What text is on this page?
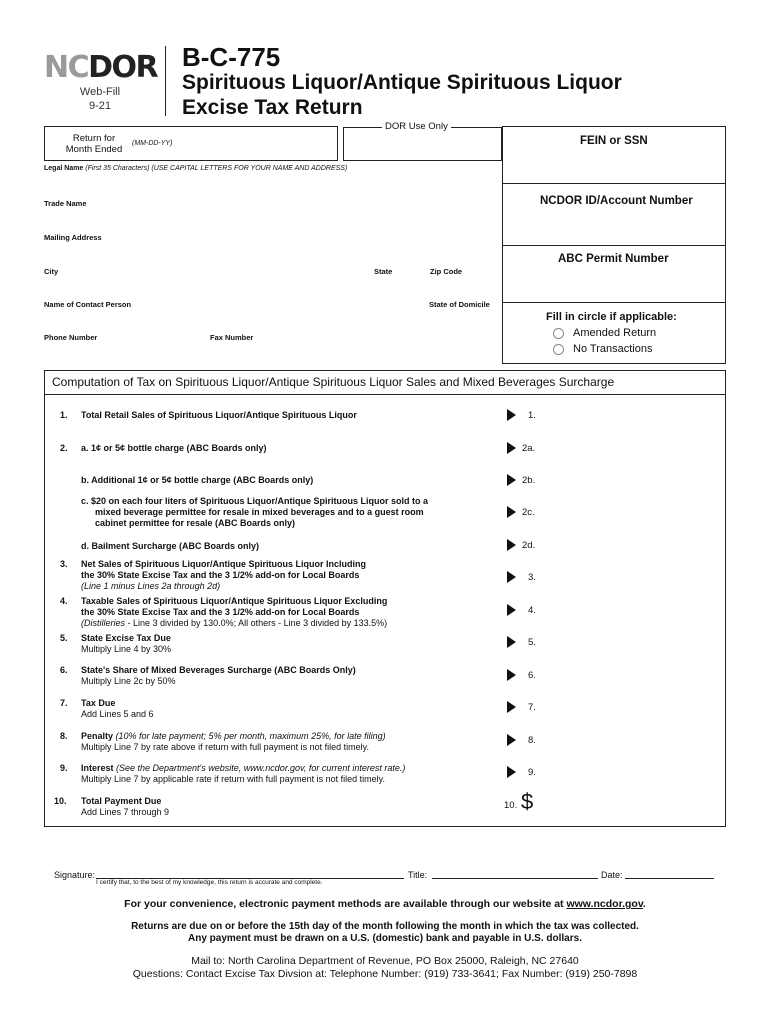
NCDOR
Web-Fill
9-21
B-C-775
Spirituous Liquor/Antique Spirituous Liquor
Excise Tax Return
Return for
Month Ended
(MM-DD-YY)
DOR Use Only
FEIN or SSN
NCDOR ID/Account Number
ABC Permit Number
Fill in circle if applicable:
Amended Return
No Transactions
Legal Name (First 35 Characters) (USE CAPITAL LETTERS FOR YOUR NAME AND ADDRESS)
Trade Name
Mailing Address
City	State	Zip Code
Name of Contact Person	State of Domicile
Phone Number	Fax Number
Computation of Tax on Spirituous Liquor/Antique Spirituous Liquor Sales and Mixed Beverages Surcharge
1. Total Retail Sales of Spirituous Liquor/Antique Spirituous Liquor	1.
2. a. 1¢ or 5¢ bottle charge (ABC Boards only)	2a.
b. Additional 1¢ or 5¢ bottle charge (ABC Boards only)	2b.
c. $20 on each four liters of Spirituous Liquor/Antique Spirituous Liquor sold to a
mixed beverage permittee for resale in mixed beverages and to a guest room
cabinet permittee for resale (ABC Boards only)
2c.
d. Bailment Surcharge (ABC Boards only)	2d.
3. Net Sales of Spirituous Liquor/Antique Spirituous Liquor Including
the 30% State Excise Tax and the 3 1/2% add-on for Local Boards
(Line 1 minus Lines 2a through 2d)
3.
4. Taxable Sales of Spirituous Liquor/Antique Spirituous Liquor Excluding
the 30% State Excise Tax and the 3 1/2% add-on for Local Boards
(Distilleries - Line 3 divided by 130.0%; All others - Line 3 divided by 133.5%)
4.
5. State Excise Tax Due
Multiply Line 4 by 30%
5.
6. State's Share of Mixed Beverages Surcharge (ABC Boards Only)
Multiply Line 2c by 50%	6.
7. Tax Due
Add Lines 5 and 6
7.
8. Penalty (10% for late payment; 5% per month, maximum 25%, for late filing)
Multiply Line 7 by rate above if return with full payment is not filed timely.
8.
9. Interest (See the Department's website, www.ncdor.gov, for current interest rate.)
Multiply Line 7 by applicable rate if return with full payment is not filed timely.
9.
10. Total Payment Due
Add Lines 7 through 9
10. $
Signature:
I certify that, to the best of my knowledge, this return is accurate and complete.
Title:	Date:
For your convenience, electronic payment methods are available through our website at www.ncdor.gov.
Returns are due on or before the 15th day of the month following the month in which the tax was collected.
Any payment must be drawn on a U.S. (domestic) bank and payable in U.S. dollars.
Mail to: North Carolina Department of Revenue, PO Box 25000, Raleigh, NC 27640
Questions: Contact Excise Tax Divsion at: Telephone Number: (919) 733-3641; Fax Number: (919) 250-7898
